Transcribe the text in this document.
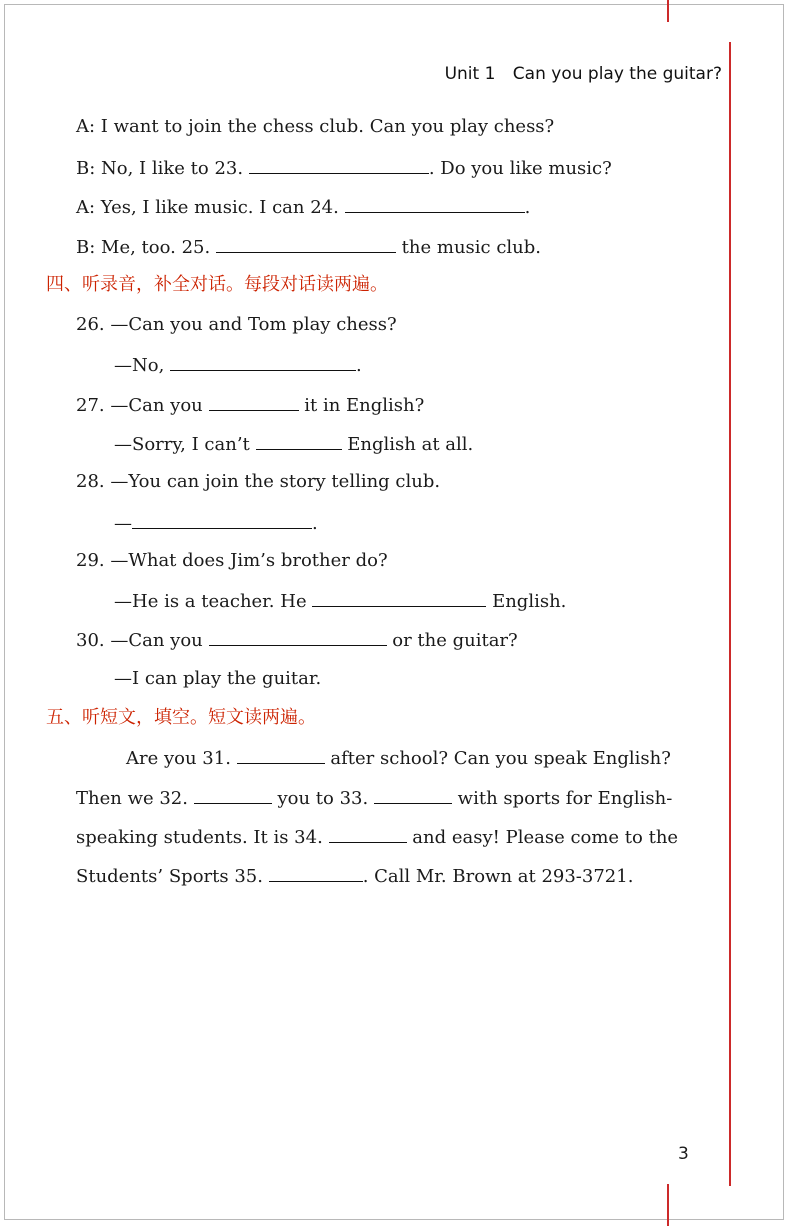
Unit 1 Can you play the guitar?
A: I want to join the chess club. Can you play chess?
B: No, I like to 23.	. Do you like music?
A: Yes, I like music. I can 24.	.
B: Me, too. 25.	the music club.
四、听录音，补全对话。每段对话读两遍。
26. —Can you and Tom play chess?
—No,	.
27. —Can you	it in English?
—Sorry, I can’t	English at all.
28. —You can join the story telling club.
—	.
29. —What does Jim’s brother do?
—He is a teacher. He	English.
30. —Can you	or the guitar?
—I can play the guitar.
五、听短文，填空。短文读两遍。
Are you 31.	after school? Can you speak English?
Then we 32.	you to 33.	with sports for English-
speaking students. It is 34.	and easy! Please come to the
Students’ Sports 35.	. Call Mr. Brown at 293-3721.
3
